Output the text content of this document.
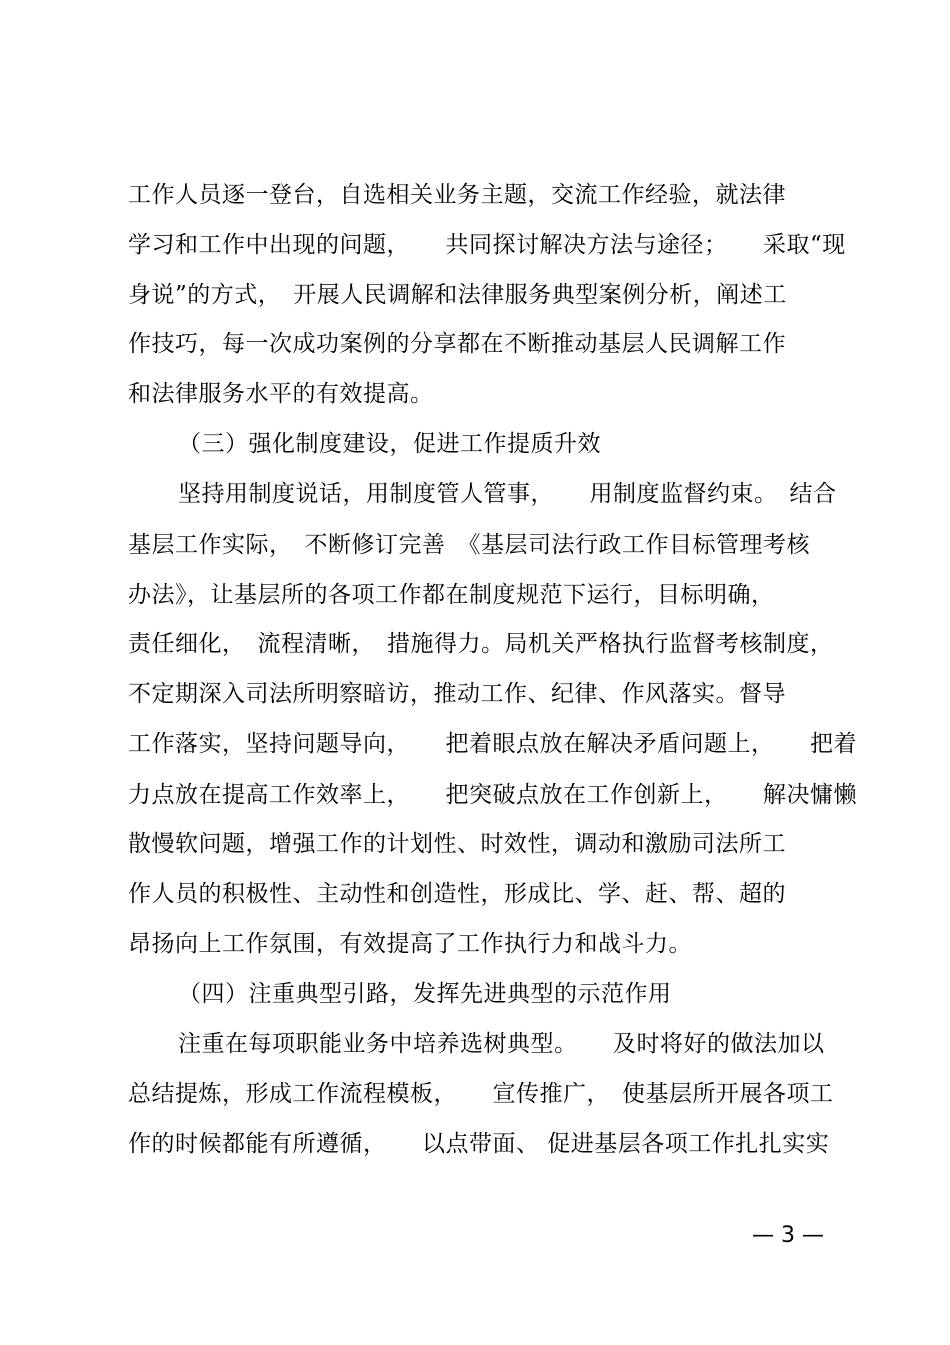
工作人员逐一登台，自选相关业务主题，交流工作经验，就法律
学习和工作中出现的问题，　　共同探讨解决方法与途径；　　采取“现
身说”的方式，　开展人民调解和法律服务典型案例分析，阐述工
作技巧，每一次成功案例的分享都在不断推动基层人民调解工作
和法律服务水平的有效提高。
（三）强化制度建设，促进工作提质升效
坚持用制度说话，用制度管人管事，　　用制度监督约束。　结合
基层工作实际，　不断修订完善　《基层司法行政工作目标管理考核
办法》，让基层所的各项工作都在制度规范下运行，目标明确，
责任细化，　流程清晰，　措施得力。局机关严格执行监督考核制度，
不定期深入司法所明察暗访，推动工作、纪律、作风落实。督导
工作落实，坚持问题导向，　　把着眼点放在解决矛盾问题上，　　把着
力点放在提高工作效率上，　　把突破点放在工作创新上，　　解决慵懒
散慢软问题，增强工作的计划性、时效性，调动和激励司法所工
作人员的积极性、主动性和创造性，形成比、学、赶、帮、超的
昂扬向上工作氛围，有效提高了工作执行力和战斗力。
（四）注重典型引路，发挥先进典型的示范作用
注重在每项职能业务中培养选树典型。　　及时将好的做法加以
总结提炼，形成工作流程模板，　　宣传推广，　使基层所开展各项工
作的时候都能有所遵循，　　以点带面、 促进基层各项工作扎扎实实
— 3 —
